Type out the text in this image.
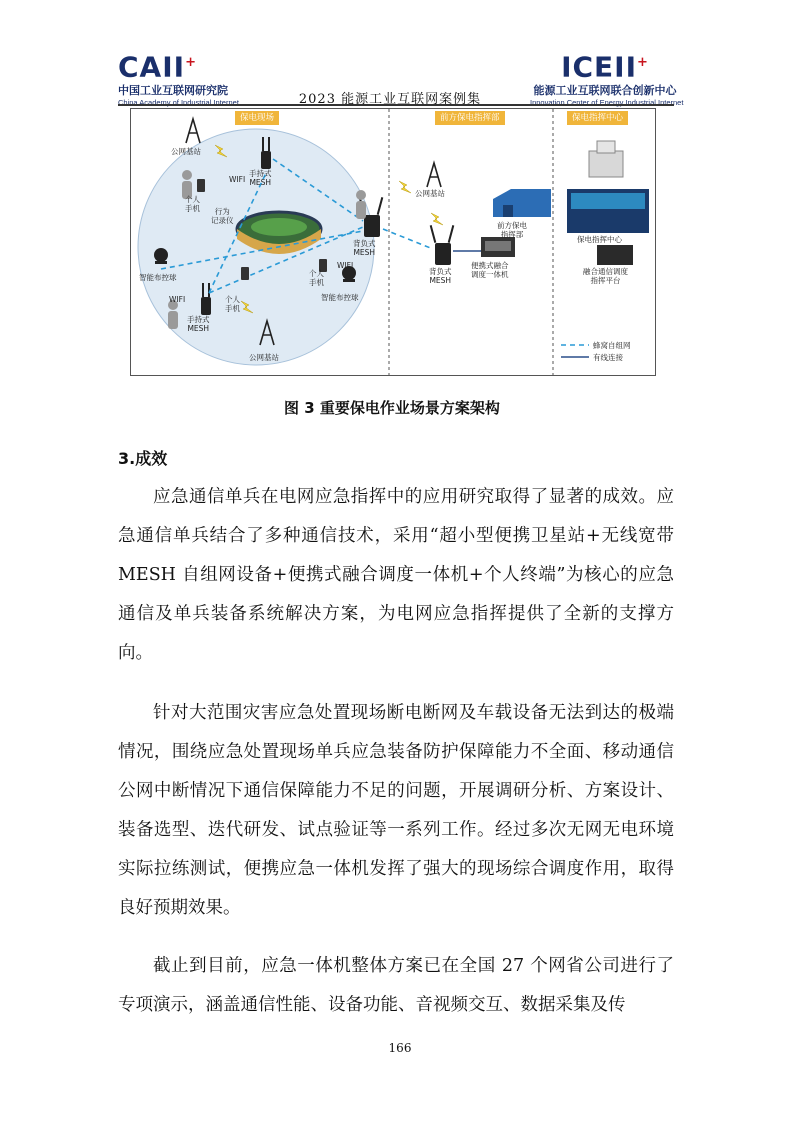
CAII+
中国工业互联网研究院
China Academy of Industrial Internet	2023 能源工业互联网案例集
ICEII+
能源工业互联网联合创新中心
Innovation Center of Energy Industrial Internet
保电现场	前方保电指挥部	保电指挥中心
公网基站
手持式
MESH
WIFI
个人
手机	行为
记录仪
背负式
MESH
WIFI
个人
手机
智能布控球
智能布控球
WIFI	个人
手机
手持式
MESH
公网基站
公网基站
背负式
MESH
便携式融合
调度一体机
前方保电
指挥部
保电指挥中心
融合通信调度
指挥平台
蜂窝自组网
有线连接
图 3 重要保电作业场景方案架构
3.成效

应急通信单兵在电网应急指挥中的应用研究取得了显著的成效。应急通信单兵结合了多种通信技术，采用“超小型便携卫星站+无线宽带 MESH 自组网设备+便携式融合调度一体机+个人终端”为核心的应急通信及单兵装备系统解决方案，为电网应急指挥提供了全新的支撑方向。

针对大范围灾害应急处置现场断电断网及车载设备无法到达的极端情况，围绕应急处置现场单兵应急装备防护保障能力不全面、移动通信公网中断情况下通信保障能力不足的问题，开展调研分析、方案设计、装备选型、迭代研发、试点验证等一系列工作。经过多次无网无电环境实际拉练测试，便携应急一体机发挥了强大的现场综合调度作用，取得良好预期效果。

截止到目前，应急一体机整体方案已在全国 27 个网省公司进行了专项演示，涵盖通信性能、设备功能、音视频交互、数据采集及传

166
